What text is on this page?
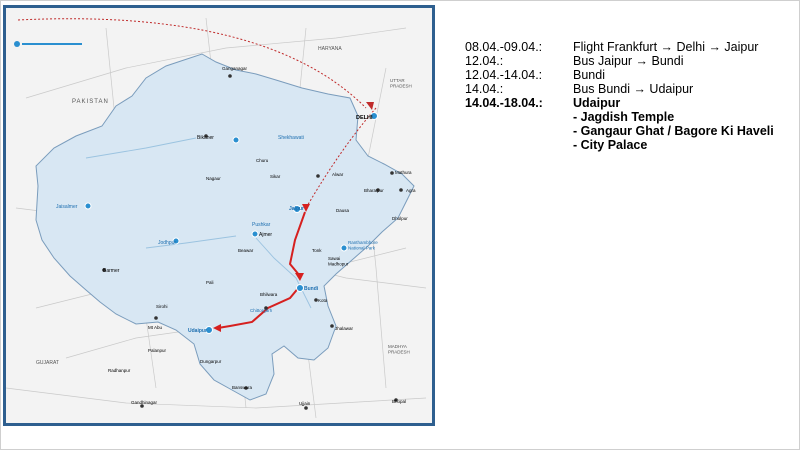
PAKISTAN
HARYANA
UTTAR PRADESH
GUJARAT
MADHYA PRADESH
DELHI
Jaipur
Bundi
Udaipur
Ajmer
Pushkar
Jodhpur
Jaisalmer
Bikaner	Shekhawati
Barmer
Kota
Tonk
Alwar
Agra
Mathura
Bharatpur
Dholpur
Dausa
Ganganagar
Churu
Sikar
Nagaur
Pali
Sirohi
Mt Abu
Chittorgarh
Bhilwara
Jhalawar
Banswara
Dungarpur
Ujjain	Bhopal
Gandhinagar
Ranthambhore National Park
Sawai Madhopur
Palanpur
Radhanpur
Beawar
08.04.-09.04.:	Flight Frankfurt → Delhi → Jaipur
12.04.:	Bus Jaipur → Bundi
12.04.-14.04.:	Bundi
14.04.:	Bus Bundi → Udaipur
14.04.-18.04.:	Udaipur
- Jagdish Temple
- Gangaur Ghat / Bagore Ki Haveli
- City Palace
